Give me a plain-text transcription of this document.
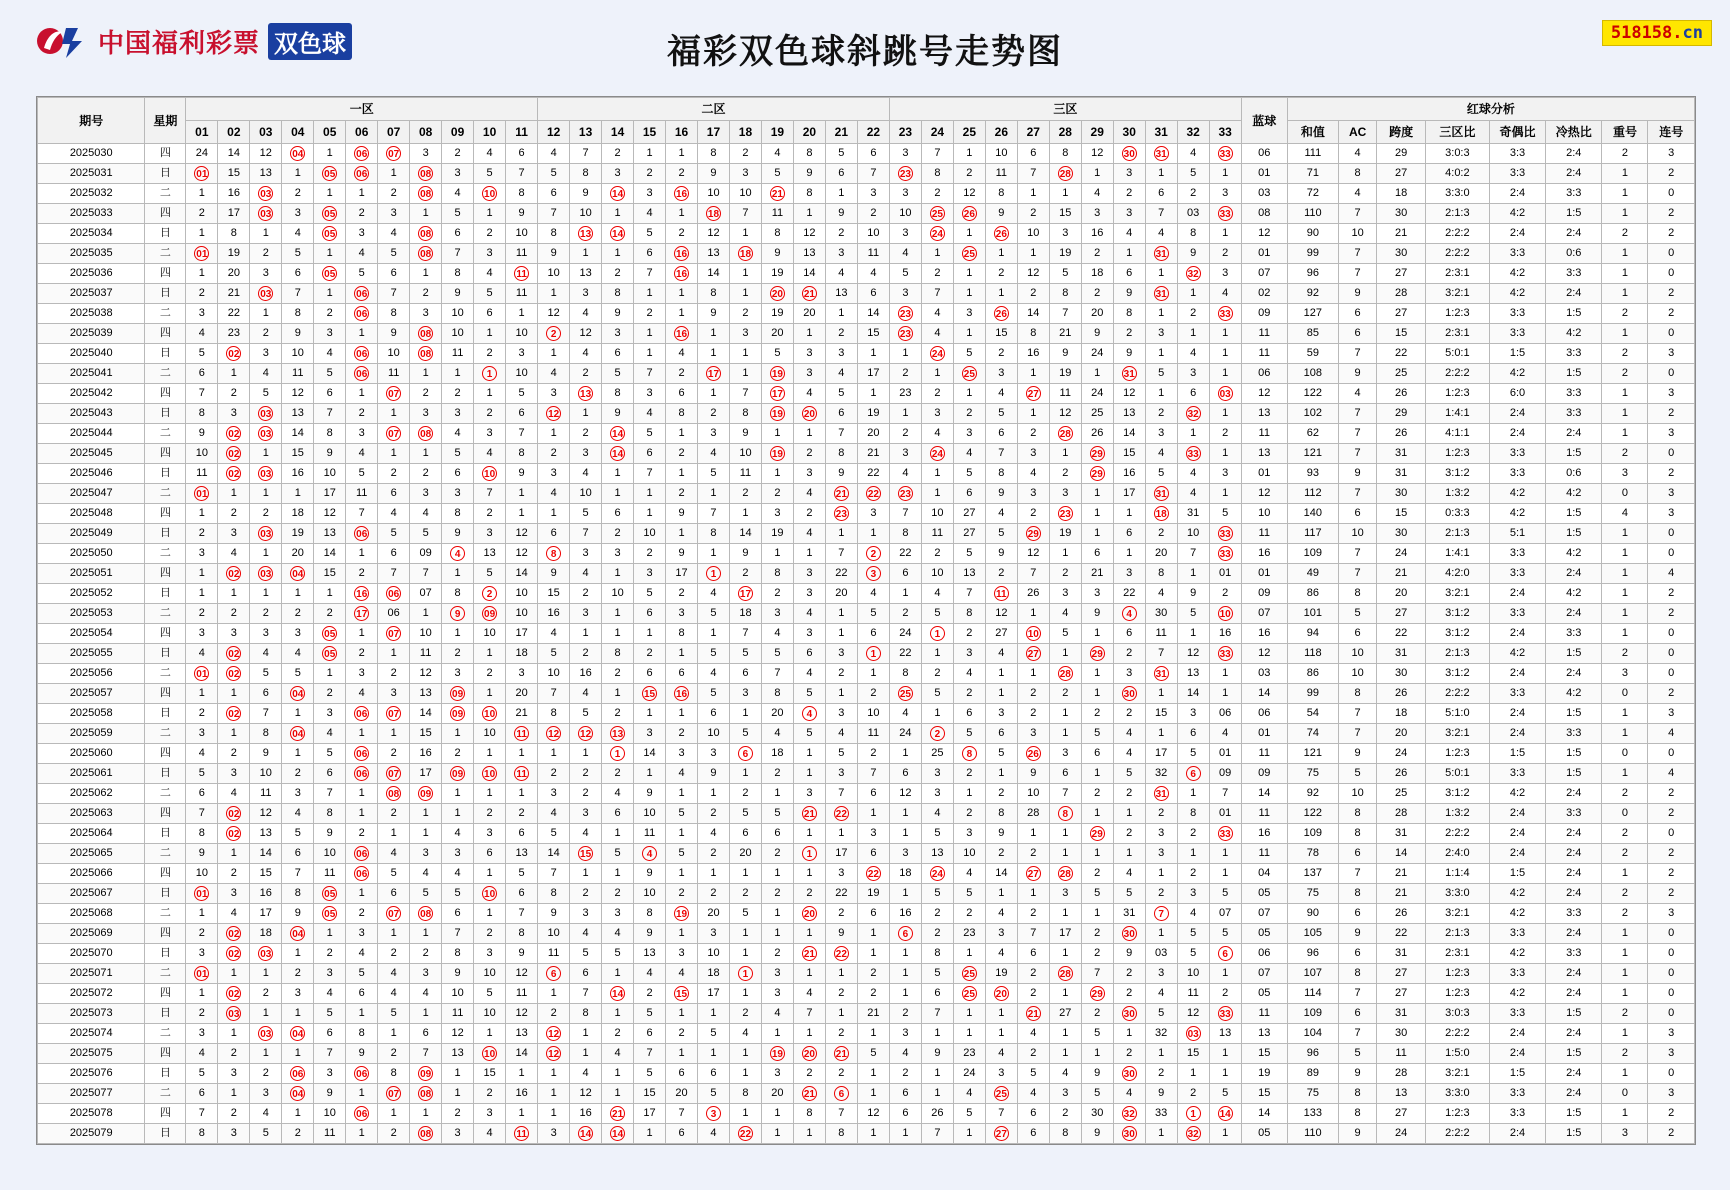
中国福利彩票 双色球	福彩双色球斜跳号走势图	518158.cn
期号	星期	一区											二区											三区											蓝球	红球分析							
		01	02	03	04	05	06	07	08	09	10	11	12	13	14	15	16	17	18	19	20	21	22	23	24	25	26	27	28	29	30	31	32	33		和值	AC	跨度	三区比	奇偶比	冷热比	重号	连号
2025030	四	24	14	12	04	1	06	07	3	2	4	6	4	7	2	1	1	8	2	4	8	5	6	3	7	1	10	6	8	12	30	31	4	33	06	111	4	29	3:0:3	3:3	2:4	2	3
2025031	日	01	15	13	1	05	06	1	08	3	5	7	5	8	3	2	2	9	3	5	9	6	7	23	8	2	11	7	28	1	3	1	5	1	01	71	8	27	4:0:2	3:3	2:4	1	2
2025032	二	1	16	03	2	1	1	2	08	4	10	8	6	9	14	3	16	10	10	21	8	1	3	3	2	12	8	1	1	4	2	6	2	3	03	72	4	18	3:3:0	2:4	3:3	1	0
2025033	四	2	17	03	3	05	2	3	1	5	1	9	7	10	1	4	1	18	7	11	1	9	2	10	25	26	9	2	15	3	3	7	03	33	08	110	7	30	2:1:3	4:2	1:5	1	2
2025034	日	1	8	1	4	05	3	4	08	6	2	10	8	13	14	5	2	12	1	8	12	2	10	3	24	1	26	10	3	16	4	4	8	1	12	90	10	21	2:2:2	2:4	2:4	2	2
2025035	二	01	19	2	5	1	4	5	08	7	3	11	9	1	1	6	16	13	18	9	13	3	11	4	1	25	1	1	19	2	1	31	9	2	01	99	7	30	2:2:2	3:3	0:6	1	0
2025036	四	1	20	3	6	05	5	6	1	8	4	11	10	13	2	7	16	14	1	19	14	4	4	5	2	1	2	12	5	18	6	1	32	3	07	96	7	27	2:3:1	4:2	3:3	1	0
2025037	日	2	21	03	7	1	06	7	2	9	5	11	1	3	8	1	1	8	1	20	21	13	6	3	7	1	1	2	8	2	9	31	1	4	02	92	9	28	3:2:1	4:2	2:4	1	2
2025038	二	3	22	1	8	2	06	8	3	10	6	1	12	4	9	2	1	9	2	19	20	1	14	23	4	3	26	14	7	20	8	1	2	33	09	127	6	27	1:2:3	3:3	1:5	2	2
2025039	四	4	23	2	9	3	1	9	08	10	1	10	2	12	3	1	16	1	3	20	1	2	15	23	4	1	15	8	21	9	2	3	1	1	11	85	6	15	2:3:1	3:3	4:2	1	0
2025040	日	5	02	3	10	4	06	10	08	11	2	3	1	4	6	1	4	1	1	5	3	3	1	1	24	5	2	16	9	24	9	1	4	1	11	59	7	22	5:0:1	1:5	3:3	2	3
2025041	二	6	1	4	11	5	06	11	1	1	1	10	4	2	5	7	2	17	1	19	3	4	17	2	1	25	3	1	19	1	31	5	3	1	06	108	9	25	2:2:2	4:2	1:5	2	0
2025042	四	7	2	5	12	6	1	07	2	2	1	5	3	13	8	3	6	1	7	17	4	5	1	23	2	1	4	27	11	24	12	1	6	03	12	122	4	26	1:2:3	6:0	3:3	1	3
2025043	日	8	3	03	13	7	2	1	3	3	2	6	12	1	9	4	8	2	8	19	20	6	19	1	3	2	5	1	12	25	13	2	32	1	13	102	7	29	1:4:1	2:4	3:3	1	2
2025044	二	9	02	03	14	8	3	07	08	4	3	7	1	2	14	5	1	3	9	1	1	7	20	2	4	3	6	2	28	26	14	3	1	2	11	62	7	26	4:1:1	2:4	2:4	1	3
2025045	四	10	02	1	15	9	4	1	1	5	4	8	2	3	14	6	2	4	10	19	2	8	21	3	24	4	7	3	1	29	15	4	33	1	13	121	7	31	1:2:3	3:3	1:5	2	0
2025046	日	11	02	03	16	10	5	2	2	6	10	9	3	4	1	7	1	5	11	1	3	9	22	4	1	5	8	4	2	29	16	5	4	3	01	93	9	31	3:1:2	3:3	0:6	3	2
2025047	二	01	1	1	1	17	11	6	3	3	7	1	4	10	1	1	2	1	2	2	4	21	22	23	1	6	9	3	3	1	17	31	4	1	12	112	7	30	1:3:2	4:2	4:2	0	3
2025048	四	1	2	2	18	12	7	4	4	8	2	1	1	5	6	1	9	7	1	3	2	23	3	7	10	27	4	2	23	1	1	18	31	5	10	140	6	15	0:3:3	4:2	1:5	4	3
2025049	日	2	3	03	19	13	06	5	5	9	3	12	6	7	2	10	1	8	14	19	4	1	1	8	11	27	5	29	19	1	6	2	10	33	11	117	10	30	2:1:3	5:1	1:5	1	0
2025050	二	3	4	1	20	14	1	6	09	4	13	12	8	3	3	2	9	1	9	1	1	7	2	22	2	5	9	12	1	6	1	20	7	33	16	109	7	24	1:4:1	3:3	4:2	1	0
2025051	四	1	02	03	04	15	2	7	7	1	5	14	9	4	1	3	17	1	2	8	3	22	3	6	10	13	2	7	2	21	3	8	1	01	01	49	7	21	4:2:0	3:3	2:4	1	4
2025052	日	1	1	1	1	1	16	06	07	8	2	10	15	2	10	5	2	4	17	2	3	20	4	1	4	7	11	26	3	3	22	4	9	2	09	86	8	20	3:2:1	2:4	4:2	1	2
2025053	二	2	2	2	2	2	17	06	1	9	09	10	16	3	1	6	3	5	18	3	4	1	5	2	5	8	12	1	4	9	4	30	5	10	07	101	5	27	3:1:2	3:3	2:4	1	2
2025054	四	3	3	3	3	05	1	07	10	1	10	17	4	1	1	1	8	1	7	4	3	1	6	24	1	2	27	10	5	1	6	11	1	16	16	94	6	22	3:1:2	2:4	3:3	1	0
2025055	日	4	02	4	4	05	2	1	11	2	1	18	5	2	8	2	1	5	5	5	6	3	1	22	1	3	4	27	1	29	2	7	12	33	12	118	10	31	2:1:3	4:2	1:5	2	0
2025056	二	01	02	5	5	1	3	2	12	3	2	3	10	16	2	6	6	4	6	7	4	2	1	8	2	4	1	1	28	1	3	31	13	1	03	86	10	30	3:1:2	2:4	2:4	3	0
2025057	四	1	1	6	04	2	4	3	13	09	1	20	7	4	1	15	16	5	3	8	5	1	2	25	5	2	1	2	2	1	30	1	14	1	14	99	8	26	2:2:2	3:3	4:2	0	2
2025058	日	2	02	7	1	3	06	07	14	09	10	21	8	5	2	1	1	6	1	20	4	3	10	4	1	6	3	2	1	2	2	15	3	06	06	54	7	18	5:1:0	2:4	1:5	1	3
2025059	二	3	1	8	04	4	1	1	15	1	10	11	12	12	13	3	2	10	5	4	5	4	11	24	2	5	6	3	1	5	4	1	6	4	01	74	7	20	3:2:1	2:4	3:3	1	4
2025060	四	4	2	9	1	5	06	2	16	2	1	1	1	1	1	14	3	3	6	18	1	5	2	1	25	8	5	26	3	6	4	17	5	01	11	121	9	24	1:2:3	1:5	1:5	0	0
2025061	日	5	3	10	2	6	06	07	17	09	10	11	2	2	2	1	4	9	1	2	1	3	7	6	3	2	1	9	6	1	5	32	6	09	09	75	5	26	5:0:1	3:3	1:5	1	4
2025062	二	6	4	11	3	7	1	08	09	1	1	1	3	2	4	9	1	1	2	1	3	7	6	12	3	1	2	10	7	2	2	31	1	7	14	92	10	25	3:1:2	4:2	2:4	2	2
2025063	四	7	02	12	4	8	1	2	1	1	2	2	4	3	6	10	5	2	5	5	21	22	1	1	4	2	8	28	8	1	1	2	8	01	11	122	8	28	1:3:2	2:4	3:3	0	2
2025064	日	8	02	13	5	9	2	1	1	4	3	6	5	4	1	11	1	4	6	6	1	1	3	1	5	3	9	1	1	29	2	3	2	33	16	109	8	31	2:2:2	2:4	2:4	2	0
2025065	二	9	1	14	6	10	06	4	3	3	6	13	14	15	5	4	5	2	20	2	1	17	6	3	13	10	2	2	1	1	1	3	1	1	11	78	6	14	2:4:0	2:4	2:4	2	2
2025066	四	10	2	15	7	11	06	5	4	4	1	5	7	1	1	9	1	1	1	1	1	3	22	18	24	4	14	27	28	2	4	1	2	1	04	137	7	21	1:1:4	1:5	2:4	1	2
2025067	日	01	3	16	8	05	1	6	5	5	10	6	8	2	2	10	2	2	2	2	2	22	19	1	5	5	1	1	3	5	5	2	3	5	05	75	8	21	3:3:0	4:2	2:4	2	2
2025068	二	1	4	17	9	05	2	07	08	6	1	7	9	3	3	8	19	20	5	1	20	2	6	16	2	2	4	2	1	1	31	7	4	07	07	90	6	26	3:2:1	4:2	3:3	2	3
2025069	四	2	02	18	04	1	3	1	1	7	2	8	10	4	4	9	1	3	1	1	1	9	1	6	2	23	3	7	17	2	30	1	5	5	05	105	9	22	2:1:3	3:3	2:4	1	0
2025070	日	3	02	03	1	2	4	2	2	8	3	9	11	5	5	13	3	10	1	2	21	22	1	1	8	1	4	6	1	2	9	03	5	6	06	96	6	31	2:3:1	4:2	3:3	1	0
2025071	二	01	1	1	2	3	5	4	3	9	10	12	6	6	1	4	4	18	1	3	1	1	2	1	5	25	19	2	28	7	2	3	10	1	07	107	8	27	1:2:3	3:3	2:4	1	0
2025072	四	1	02	2	3	4	6	4	4	10	5	11	1	7	14	2	15	17	1	3	4	2	2	1	6	25	20	2	1	29	2	4	11	2	05	114	7	27	1:2:3	4:2	2:4	1	0
2025073	日	2	03	1	1	5	1	5	1	11	10	12	2	8	1	5	1	1	2	4	7	1	21	2	7	1	1	21	27	2	30	5	12	33	11	109	6	31	3:0:3	3:3	1:5	2	0
2025074	二	3	1	03	04	6	8	1	6	12	1	13	12	1	2	6	2	5	4	1	1	2	1	3	1	1	1	4	1	5	1	32	03	13	13	104	7	30	2:2:2	2:4	2:4	1	3
2025075	四	4	2	1	1	7	9	2	7	13	10	14	12	1	4	7	1	1	1	19	20	21	5	4	9	23	4	2	1	1	2	1	15	1	15	96	5	11	1:5:0	2:4	1:5	2	3
2025076	日	5	3	2	06	3	06	8	09	1	15	1	1	4	1	5	6	6	1	3	2	2	1	2	1	24	3	5	4	9	30	2	1	1	19	89	9	28	3:2:1	1:5	2:4	1	0
2025077	二	6	1	3	04	9	1	07	08	1	2	16	1	12	1	15	20	5	8	20	21	6	1	6	1	4	25	4	3	5	4	9	2	5	15	75	8	13	3:3:0	3:3	2:4	0	3
2025078	四	7	2	4	1	10	06	1	1	2	3	1	1	16	21	17	7	3	1	1	8	7	12	6	26	5	7	6	2	30	32	33	1	14	14	133	8	27	1:2:3	3:3	1:5	1	2
2025079	日	8	3	5	2	11	1	2	08	3	4	11	3	14	14	1	6	4	22	1	1	8	1	1	7	1	27	6	8	9	30	1	32	1	05	110	9	24	2:2:2	2:4	1:5	3	2
